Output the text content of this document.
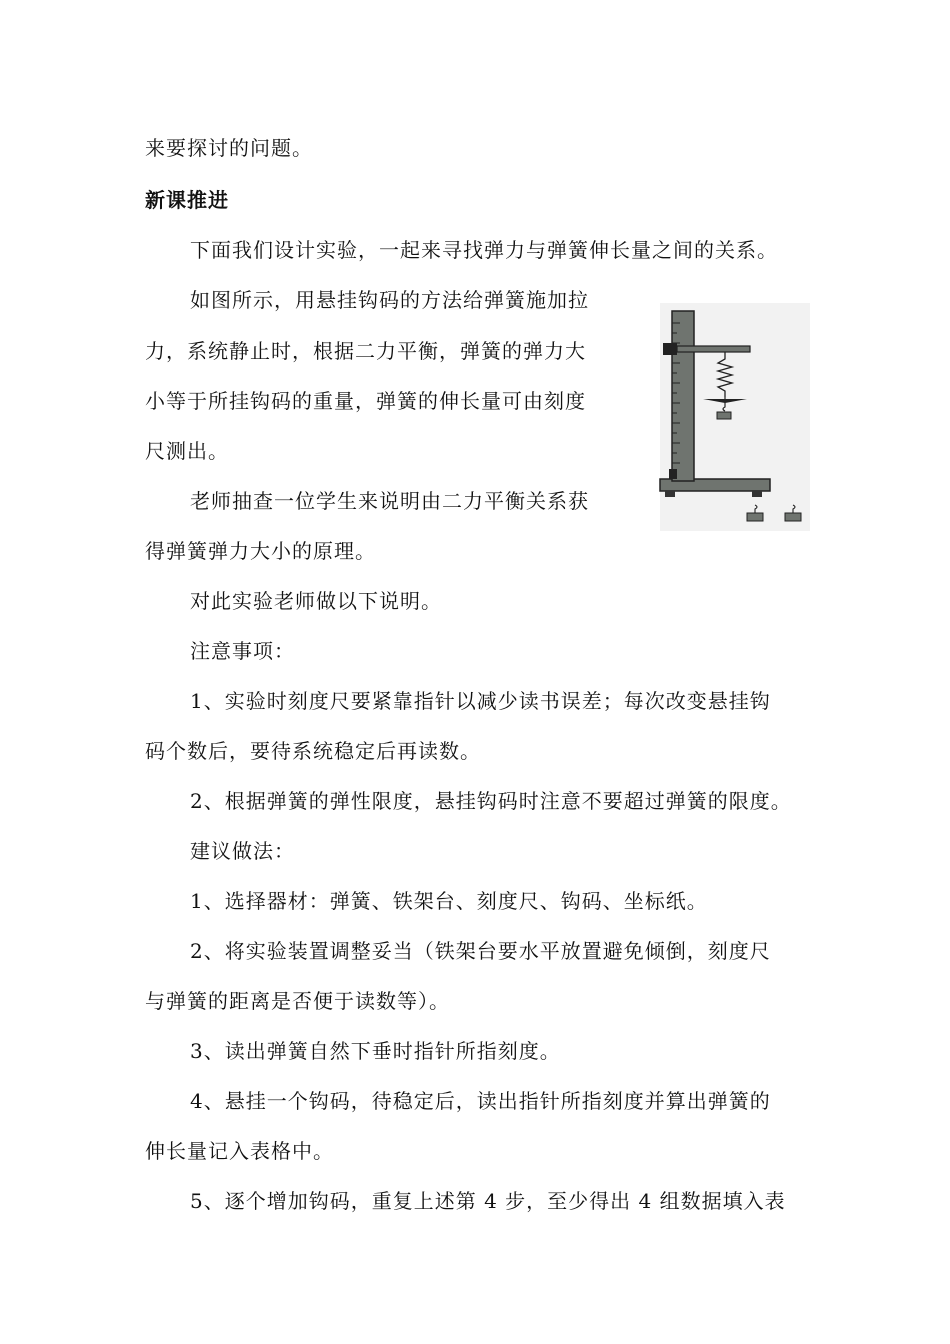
来要探讨的问题。
新课推进
下面我们设计实验，一起来寻找弹力与弹簧伸长量之间的关系。
如图所示，用悬挂钩码的方法给弹簧施加拉
力，系统静止时，根据二力平衡，弹簧的弹力大
小等于所挂钩码的重量，弹簧的伸长量可由刻度
尺测出。
老师抽查一位学生来说明由二力平衡关系获
得弹簧弹力大小的原理。
对此实验老师做以下说明。
注意事项：
1、实验时刻度尺要紧靠指针以减少读书误差；每次改变悬挂钩
码个数后，要待系统稳定后再读数。
2、根据弹簧的弹性限度，悬挂钩码时注意不要超过弹簧的限度。
建议做法：
1、选择器材：弹簧、铁架台、刻度尺、钩码、坐标纸。
2、将实验装置调整妥当（铁架台要水平放置避免倾倒，刻度尺
与弹簧的距离是否便于读数等）。
3、读出弹簧自然下垂时指针所指刻度。
4、悬挂一个钩码，待稳定后，读出指针所指刻度并算出弹簧的
伸长量记入表格中。
5、逐个增加钩码，重复上述第 4 步，至少得出 4 组数据填入表
